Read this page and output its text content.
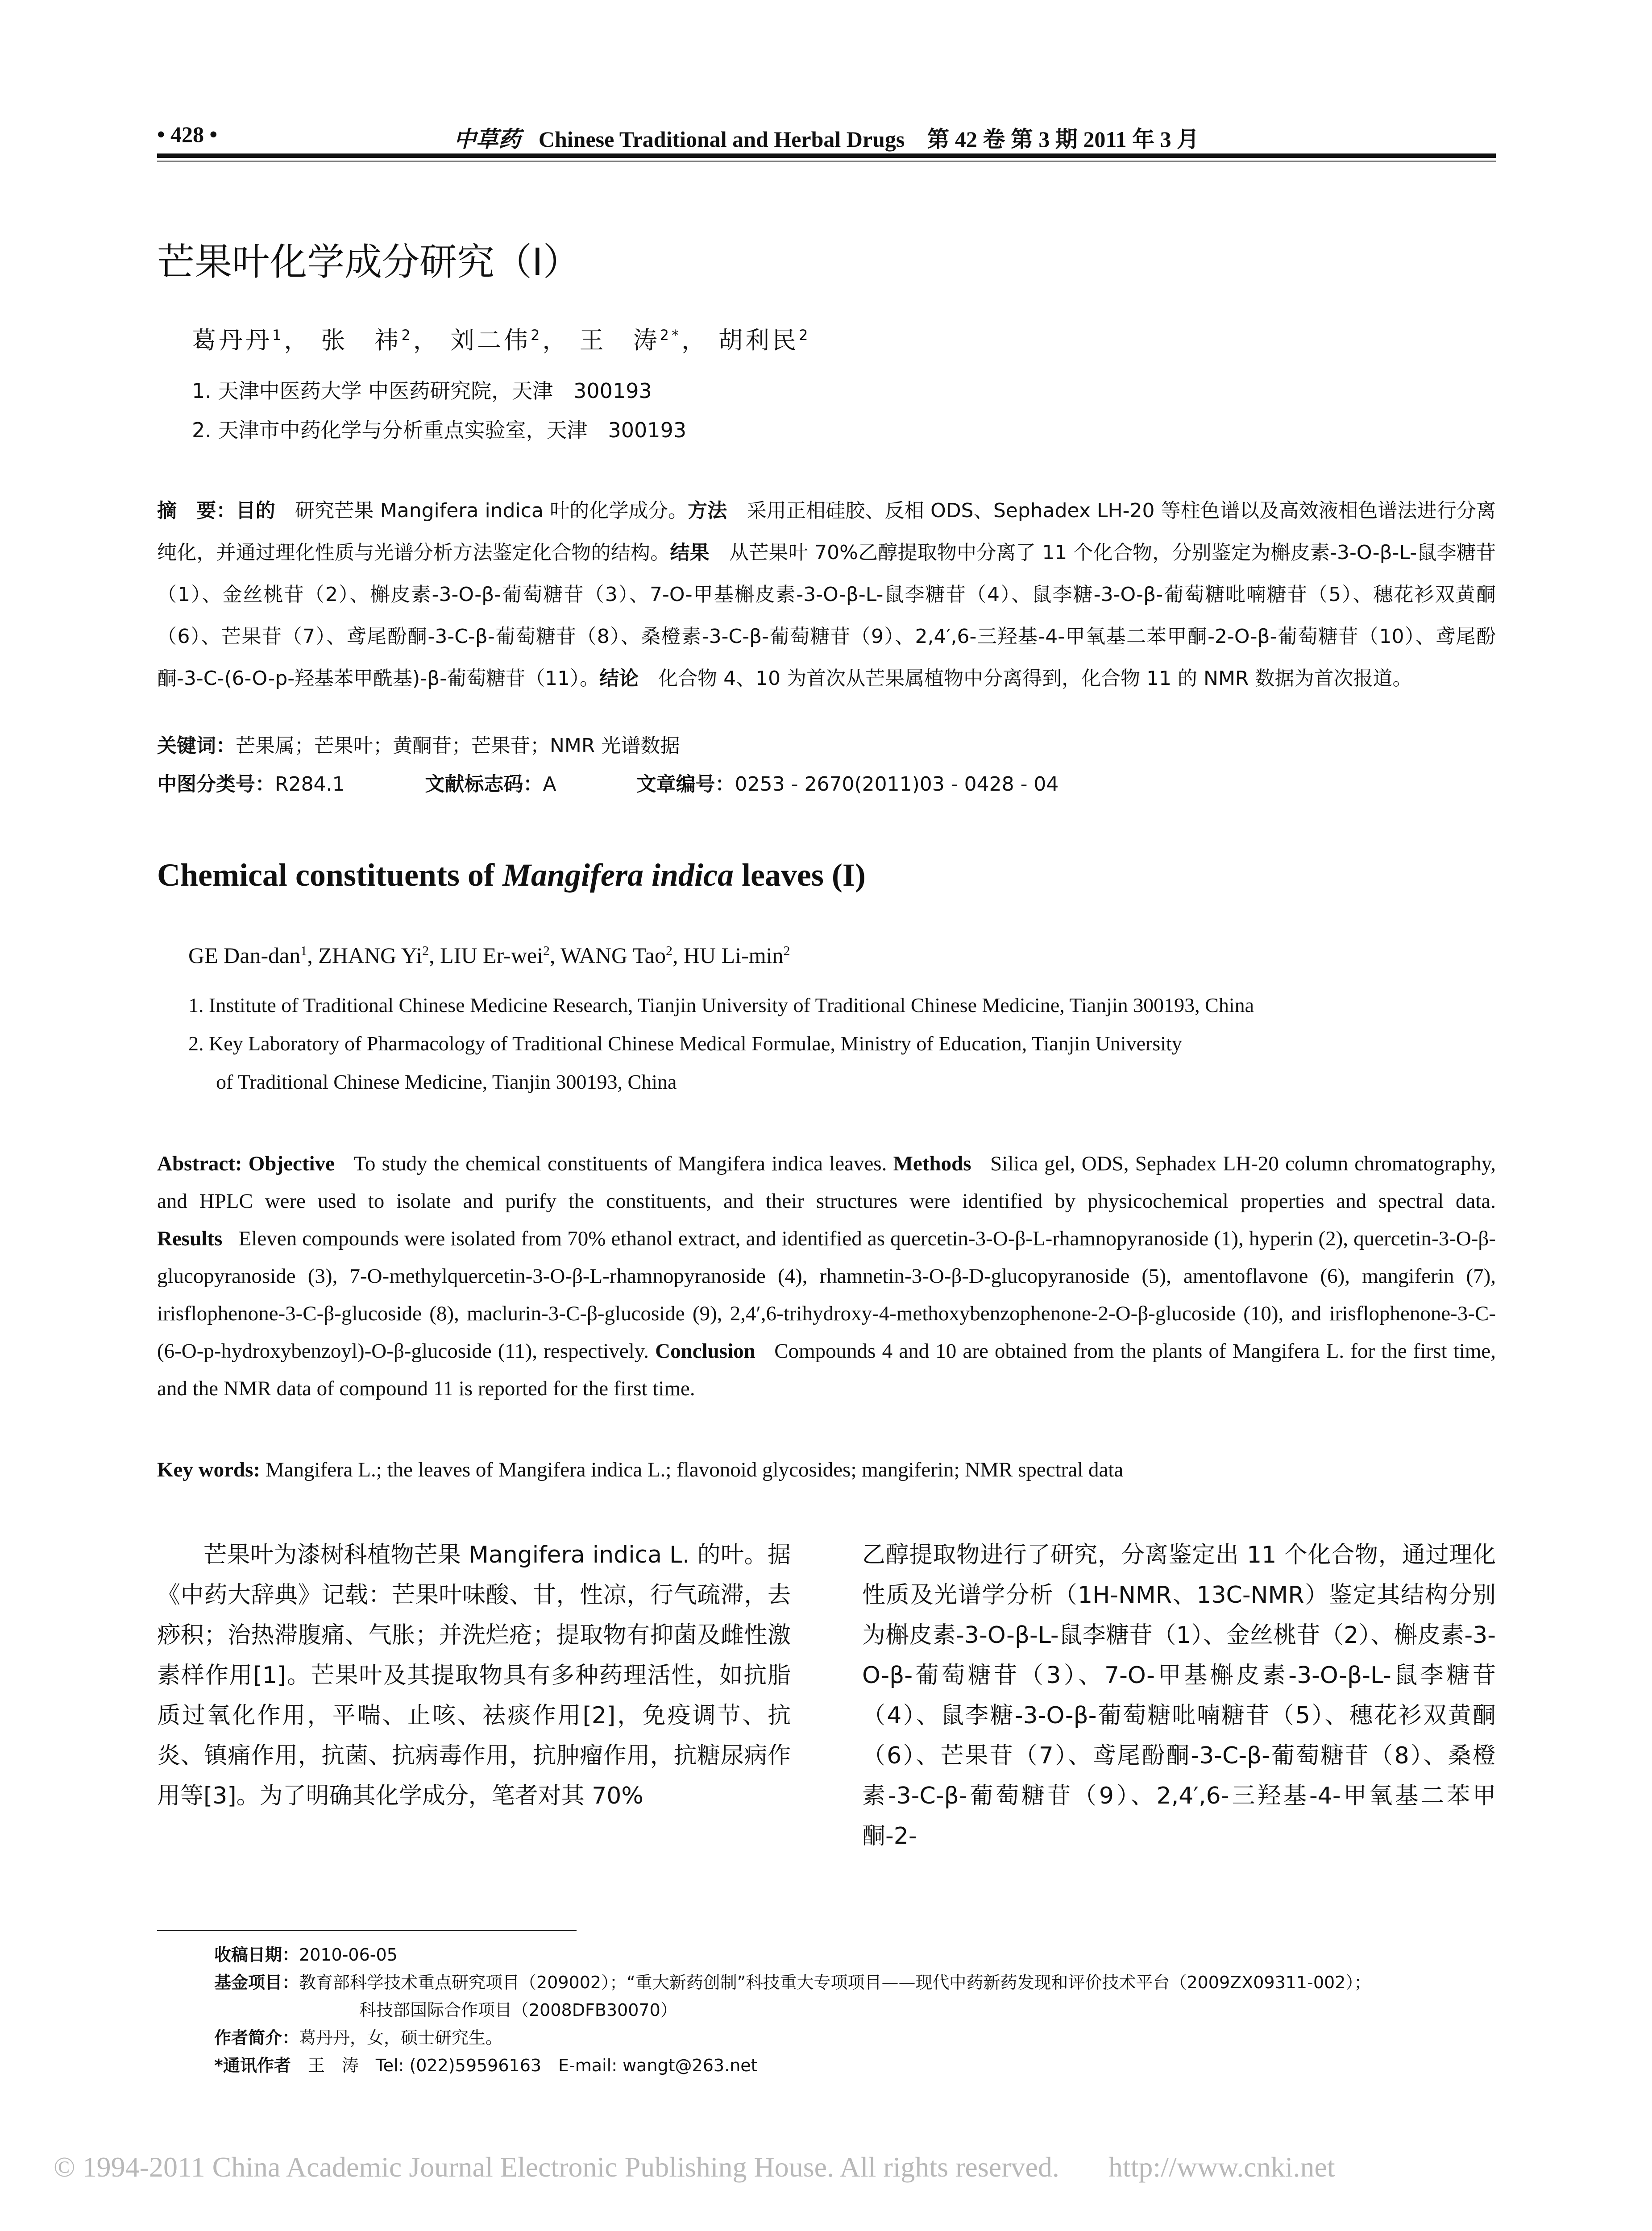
• 428 •	中草药 Chinese Traditional and Herbal Drugs 第 42 卷 第 3 期 2011 年 3 月
芒果叶化学成分研究（I）
葛丹丹$^1$， 张　祎$^2$， 刘二伟$^2$， 王　涛$^{2*}$， 胡利民$^2$
1. 天津中医药大学 中医药研究院，天津　300193
2. 天津市中药化学与分析重点实验室，天津　300193
摘　要：目的　 研究芒果 Mangifera indica 叶的化学成分。方法　 采用正相硅胶、反相 ODS、Sephadex LH-20 等柱色谱以及高效液相色谱法进行分离纯化，并通过理化性质与光谱分析方法鉴定化合物的结构。结果　 从芒果叶 70%乙醇提取物中分离了 11 个化合物，分别鉴定为槲皮素-3-O-β-L-鼠李糖苷（1）、金丝桃苷（2）、槲皮素-3-O-β-葡萄糖苷（3）、7-O-甲基槲皮素-3-O-β-L-鼠李糖苷（4）、鼠李糖-3-O-β-葡萄糖吡喃糖苷（5）、穗花衫双黄酮（6）、芒果苷（7）、鸢尾酚酮-3-C-β-葡萄糖苷（8）、桑橙素-3-C-β-葡萄糖苷（9）、2,4′,6-三羟基-4-甲氧基二苯甲酮-2-O-β-葡萄糖苷（10）、鸢尾酚酮-3-C-(6-O-p-羟基苯甲酰基)-β-葡萄糖苷（11）。结论　 化合物 4、10 为首次从芒果属植物中分离得到，化合物 11 的 NMR 数据为首次报道。
关键词：芒果属；芒果叶；黄酮苷；芒果苷；NMR 光谱数据
中图分类号：R284.1	文献标志码：A	文章编号：0253 - 2670(2011)03 - 0428 - 04
Chemical constituents of Mangifera indica leaves (I)
GE Dan-dan$^1$, ZHANG Yi$^2$, LIU Er-wei$^2$, WANG Tao$^2$, HU $Li-\min^2$
1. Institute of Traditional Chinese Medicine Research, Tianjin University of Traditional Chinese Medicine, Tianjin 300193, China
2. Key Laboratory of Pharmacology of Traditional Chinese Medical Formulae, Ministry of Education, Tianjin University
of Traditional Chinese Medicine, Tianjin 300193, China
Abstract: Objective To study the chemical constituents of Mangifera indica leaves. Methods Silica gel, ODS, Sephadex LH-20 column chromatography, and HPLC were used to isolate and purify the constituents, and their structures were identified by physicochemical properties and spectral data. Results Eleven compounds were isolated from 70% ethanol extract, and identified as quercetin-3-O-β-L-rhamnopyranoside (1), hyperin (2), quercetin-3-O-β-glucopyranoside (3), 7-O-methylquercetin-3-O-β-L-rhamnopyranoside (4), rhamnetin-3-O-β-D-glucopyranoside (5), amentoflavone (6), mangiferin (7), irisflophenone-3-C-β-glucoside (8), maclurin-3-C-β-glucoside (9), 2,4′,6-trihydroxy-4-methoxybenzophenone-2-O-β-glucoside (10), and irisflophenone-3-C-(6-O-p-hydroxybenzoyl)-O-β-glucoside (11), respectively. Conclusion Compounds 4 and 10 are obtained from the plants of Mangifera L. for the first time, and the NMR data of compound 11 is reported for the first time.
Key words: Mangifera L.; the leaves of Mangifera indica L.; flavonoid glycosides; mangiferin; NMR spectral data
芒果叶为漆树科植物芒果 Mangifera indica L. 的叶。据《中药大辞典》记载：芒果叶味酸、甘，性凉，行气疏滞，去痧积；治热滞腹痛、气胀；并洗烂疮；提取物有抑菌及雌性激素样作用[1]。芒果叶及其提取物具有多种药理活性，如抗脂质过氧化作用，平喘、止咳、祛痰作用[2]，免疫调节、抗炎、镇痛作用，抗菌、抗病毒作用，抗肿瘤作用，抗糖尿病作用等[3]。为了明确其化学成分，笔者对其 70%
乙醇提取物进行了研究，分离鉴定出 11 个化合物，通过理化性质及光谱学分析（1H-NMR、13C-NMR）鉴定其结构分别为槲皮素-3-O-β-L-鼠李糖苷（1）、金丝桃苷（2）、槲皮素-3-O-β-葡萄糖苷（3）、7-O-甲基槲皮素-3-O-β-L-鼠李糖苷（4）、鼠李糖-3-O-β-葡萄糖吡喃糖苷（5）、穗花衫双黄酮（6）、芒果苷（7）、鸢尾酚酮-3-C-β-葡萄糖苷（8）、桑橙素-3-C-β-葡萄糖苷（9）、2,4′,6-三羟基-4-甲氧基二苯甲酮-2-
收稿日期：2010-06-05
基金项目：教育部科学技术重点研究项目（209002）；“重大新药创制”科技重大专项项目——现代中药新药发现和评价技术平台（2009ZX09311-002）；
科技部国际合作项目（2008DFB30070）
作者简介：葛丹丹，女，硕士研究生。
*通讯作者　 王　涛　Tel: (022)59596163　E-mail: wangt@263.net
© 1994-2011 China Academic Journal Electronic Publishing House. All rights reserved. http://www.cnki.net
